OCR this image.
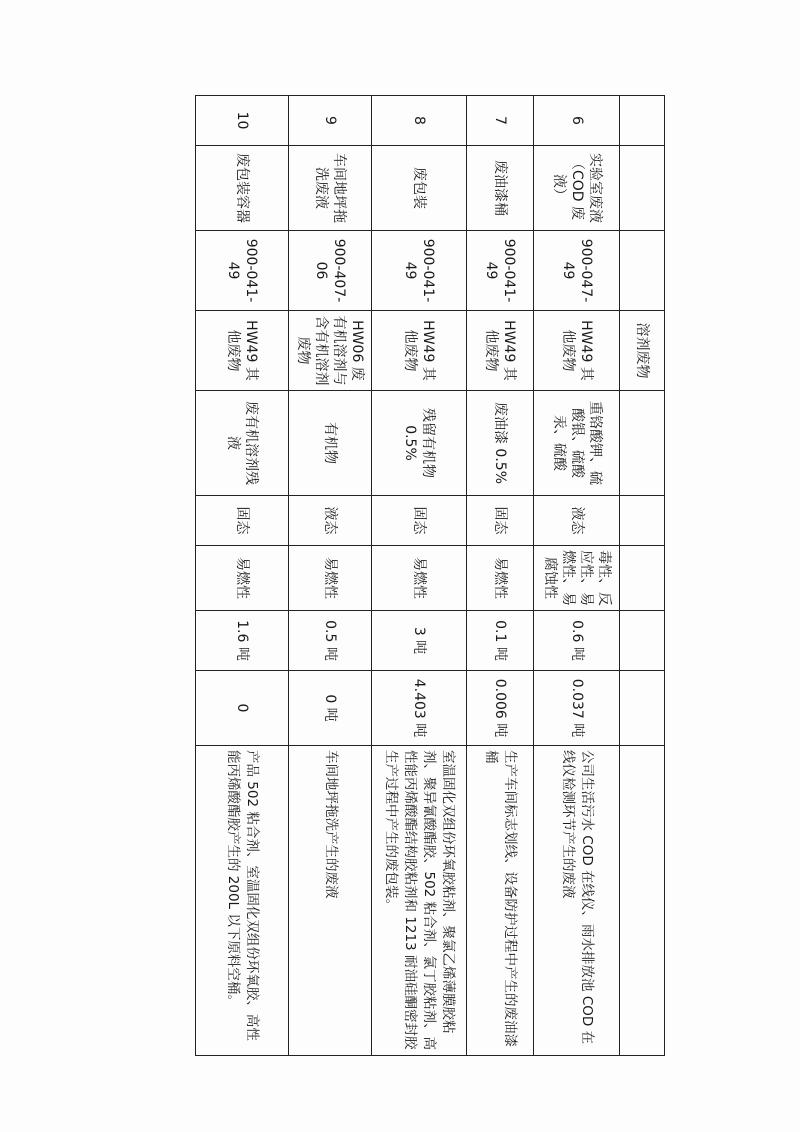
			溶剂废物						
6	实验室废液（COD 废液）	900-047-49	HW49 其他废物	重铬酸钾、硫酸银、硫酸汞、硫酸	液态	毒性、反应性、易燃性、易腐蚀性	0.6 吨	0.037 吨	公司生活污水 COD 在线仪、雨水排放池 COD 在线仪检测环节产生的废液
7	废油漆桶	900-041-49	HW49 其他废物	废油漆 0.5%	固态	易燃性	0.1 吨	0.006 吨	生产车间标志划线、设备防护过程中产生的废油漆桶
8	废包装	900-041-49	HW49 其他废物	残留有机物 0.5%	固态	易燃性	3 吨	4.403 吨	室温固化双组份环氧胶粘剂、聚氯乙烯薄膜胶粘剂、聚异氰酸酯胶、502 粘合剂、氯丁胶粘剂、高性能丙烯酸酯结构胶粘剂和 1213 耐油硅酮密封胶生产过程中产生的废包装。
9	车间地坪拖洗废液	900-407-06	HW06 废有机溶剂与含有机溶剂废物	有机物	液态	易燃性	0.5 吨	0 吨	车间地坪拖洗产生的废液
10	废包装容器	900-041-49	HW49 其他废物	废有机溶剂残液	固态	易燃性	1.6 吨	0	产品 502 粘合剂、室温固化双组份环氧胶、高性能丙烯酸酯胶产生的 200L 以下原料空桶。
